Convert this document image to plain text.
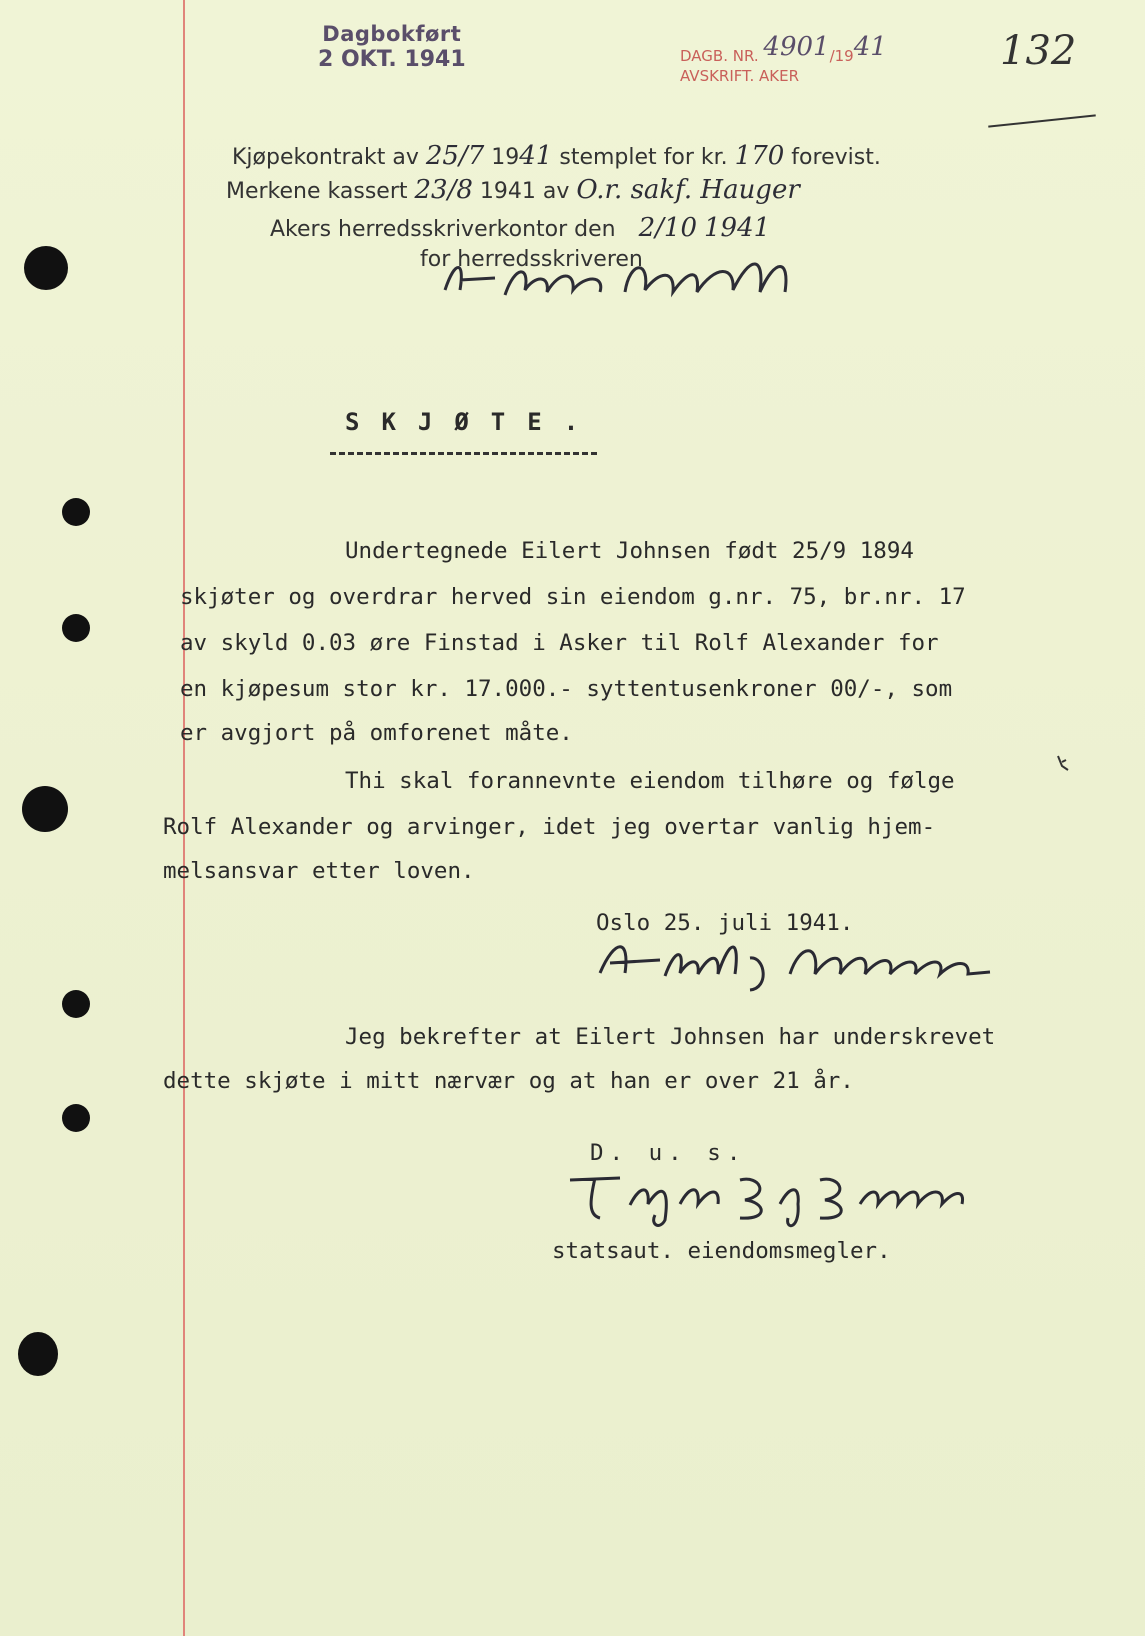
Dagbokført
2 OKT. 1941	DAGB. NR. 4901/1941
AVSKRIFT. AKER
132
Kjøpekontrakt av 25/7 1941 stemplet for kr. 170 forevist.
Merkene kassert 23/8 1941 av O.r. sakf. Hauger
Akers herredsskriverkontor den 2/10 1941
for herredsskriveren
SKJØTE.
Undertegnede Eilert Johnsen født 25/9 1894
skjøter og overdrar herved sin eiendom g.nr. 75, br.nr. 17
av skyld 0.03 øre Finstad i Asker til Rolf Alexander for
en kjøpesum stor kr. 17.000.- syttentusenkroner 00/-, som
er avgjort på omforenet måte.
Thi skal forannevnte eiendom tilhøre og følge
Rolf Alexander og arvinger, idet jeg overtar vanlig hjem-
melsansvar etter loven.
Oslo 25. juli 1941.
Jeg bekrefter at Eilert Johnsen har underskrevet
dette skjøte i mitt nærvær og at han er over 21 år.
D. u. s.
statsaut. eiendomsmegler.
